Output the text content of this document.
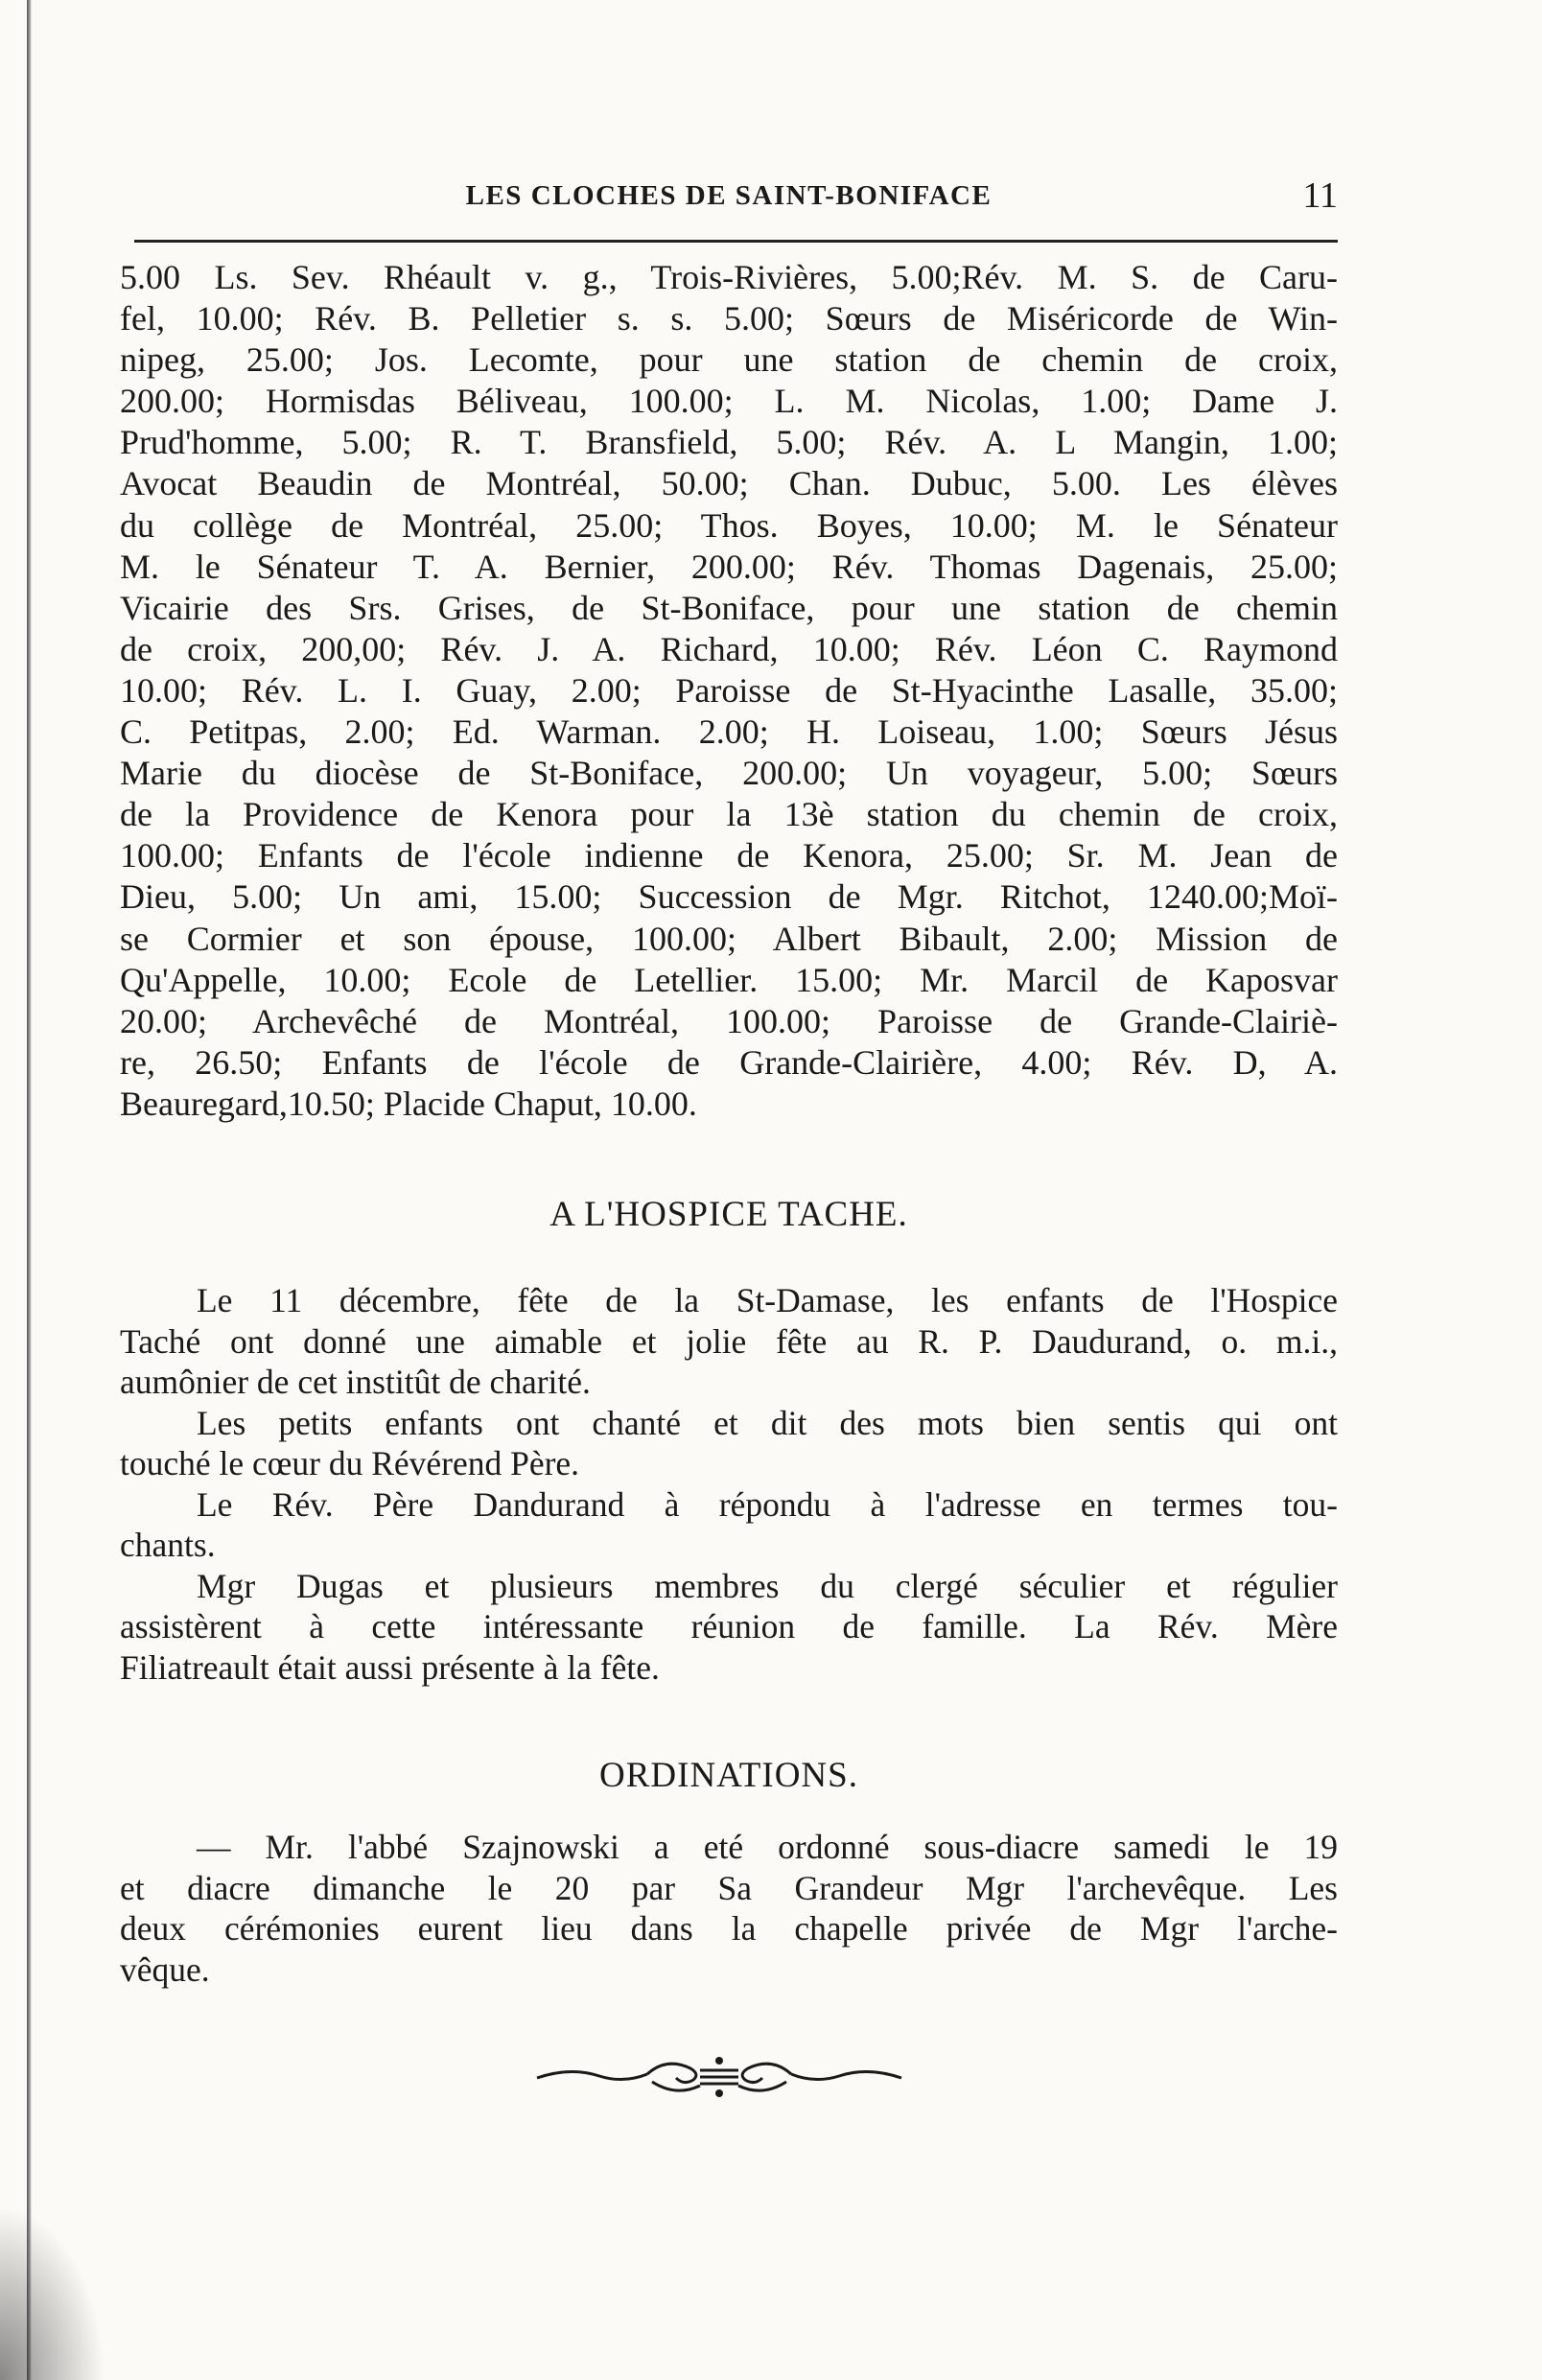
LES CLOCHES DE SAINT-BONIFACE	11
5.00 Ls. Sev. Rhéault v. g., Trois-Rivières, 5.00;Rév. M. S. de Caru-
fel, 10.00; Rév. B. Pelletier s. s. 5.00; Sœurs de Miséricorde de Win-
nipeg, 25.00; Jos. Lecomte, pour une station de chemin de croix,
200.00; Hormisdas Béliveau, 100.00; L. M. Nicolas, 1.00; Dame J.
Prud'homme, 5.00; R. T. Bransfield, 5.00; Rév. A. L Mangin, 1.00;
Avocat Beaudin de Montréal, 50.00; Chan. Dubuc, 5.00. Les élèves
du collège de Montréal, 25.00; Thos. Boyes, 10.00; M. le Sénateur
M. le Sénateur T. A. Bernier, 200.00; Rév. Thomas Dagenais, 25.00;
Vicairie des Srs. Grises, de St-Boniface, pour une station de chemin
de croix, 200,00; Rév. J. A. Richard, 10.00; Rév. Léon C. Raymond
10.00; Rév. L. I. Guay, 2.00; Paroisse de St-Hyacinthe Lasalle, 35.00;
C. Petitpas, 2.00; Ed. Warman. 2.00; H. Loiseau, 1.00; Sœurs Jésus
Marie du diocèse de St-Boniface, 200.00; Un voyageur, 5.00; Sœurs
de la Providence de Kenora pour la 13è station du chemin de croix,
100.00; Enfants de l'école indienne de Kenora, 25.00; Sr. M. Jean de
Dieu, 5.00; Un ami, 15.00; Succession de Mgr. Ritchot, 1240.00;Moï-
se Cormier et son épouse, 100.00; Albert Bibault, 2.00; Mission de
Qu'Appelle, 10.00; Ecole de Letellier. 15.00; Mr. Marcil de Kaposvar
20.00; Archevêché de Montréal, 100.00; Paroisse de Grande-Clairiè-
re, 26.50; Enfants de l'école de Grande-Clairière, 4.00; Rév. D, A.
Beauregard,10.50; Placide Chaput, 10.00.
A L'HOSPICE TACHE.
Le 11 décembre, fête de la St-Damase, les enfants de l'Hospice
Taché ont donné une aimable et jolie fête au R. P. Daudurand, o. m.i.,
aumônier de cet institût de charité.
Les petits enfants ont chanté et dit des mots bien sentis qui ont
touché le cœur du Révérend Père.
Le Rév. Père Dandurand à répondu à l'adresse en termes tou-
chants.
Mgr Dugas et plusieurs membres du clergé séculier et régulier
assistèrent à cette intéressante réunion de famille. La Rév. Mère
Filiatreault était aussi présente à la fête.
ORDINATIONS.
— Mr. l'abbé Szajnowski a eté ordonné sous-diacre samedi le 19
et diacre dimanche le 20 par Sa Grandeur Mgr l'archevêque. Les
deux cérémonies eurent lieu dans la chapelle privée de Mgr l'arche-
vêque.
